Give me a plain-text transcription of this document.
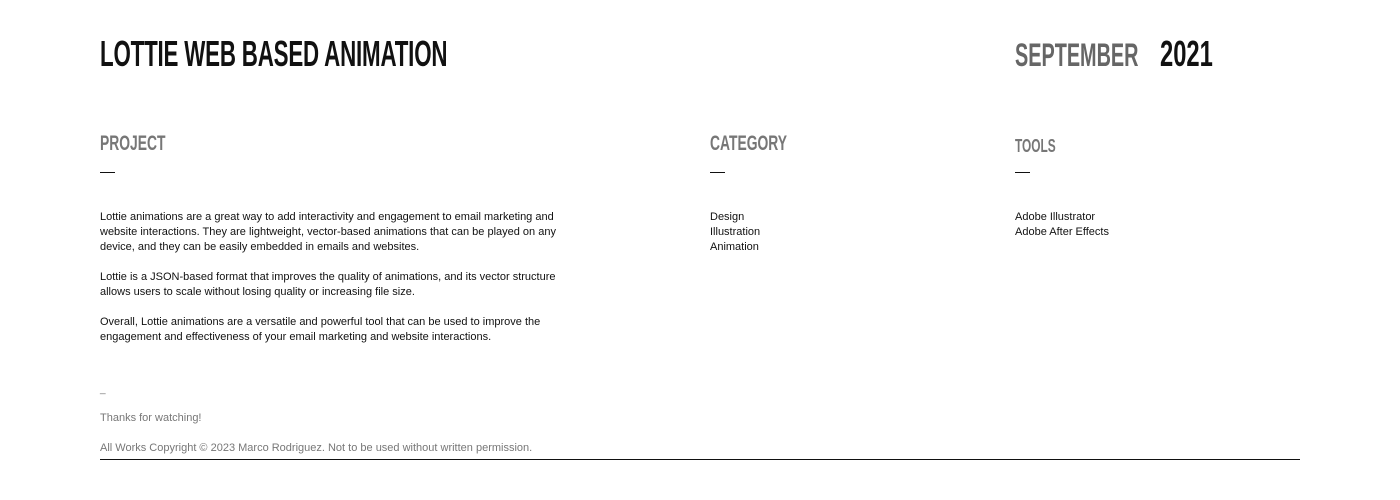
LOTTIE WEB BASED ANIMATION	SEPTEMBER 2021
PROJECT

Lottie animations are a great way to add interactivity and engagement to email marketing and website interactions. They are lightweight, vector-based animations that can be played on any device, and they can be easily embedded in emails and websites.

Lottie is a JSON-based format that improves the quality of animations, and its vector structure allows users to scale without losing quality or increasing file size.

Overall, Lottie animations are a versatile and powerful tool that can be used to improve the engagement and effectiveness of your email marketing and website interactions.

CATEGORY
Design
Illustration
Animation
TOOLS
Adobe Illustrator
Adobe After Effects
_
Thanks for watching!
All Works Copyright © 2023 Marco Rodriguez. Not to be used without written permission.
